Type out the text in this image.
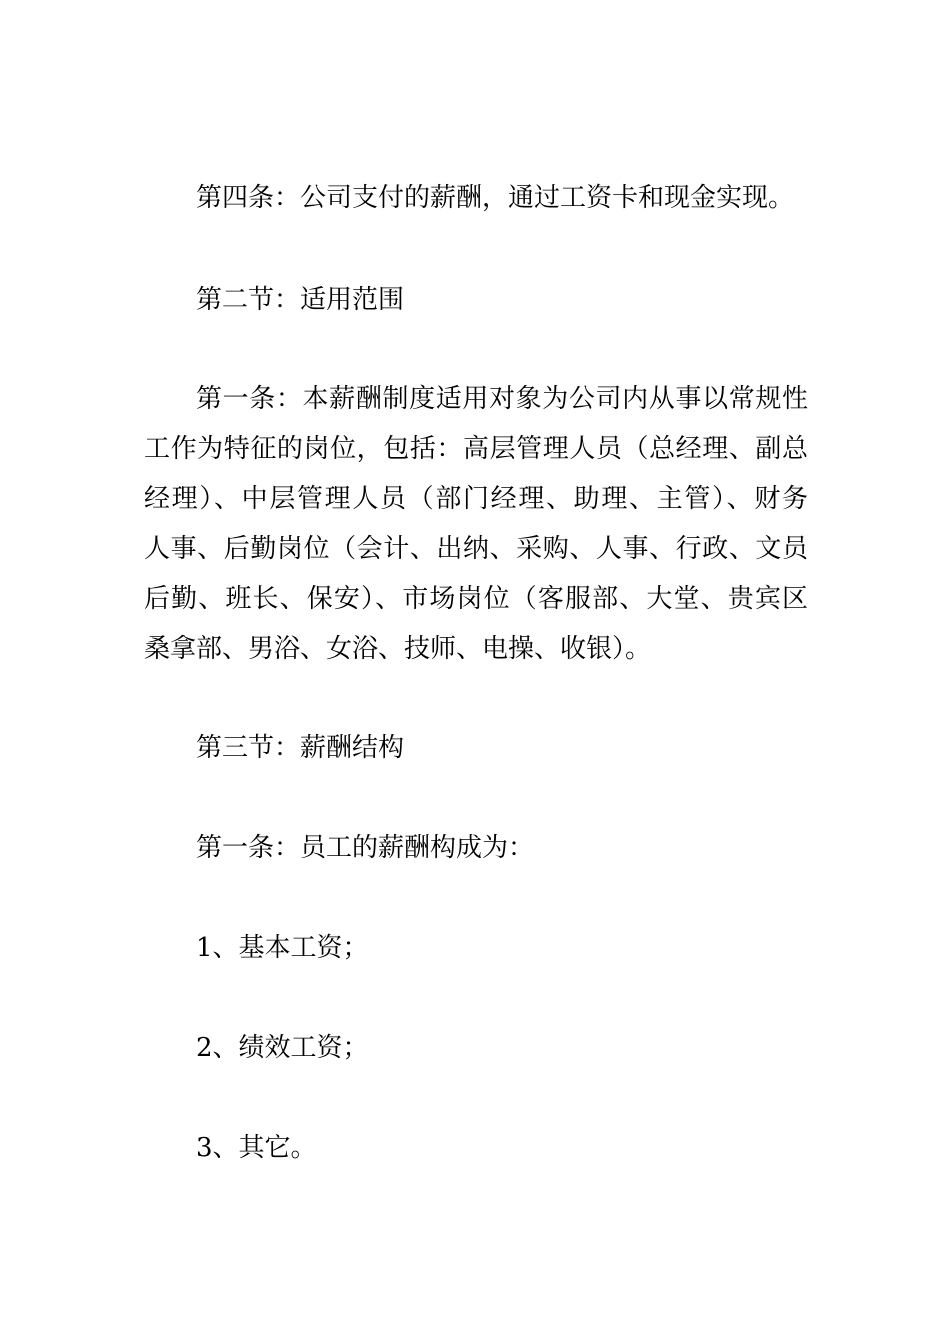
第四条：公司支付的薪酬，通过工资卡和现金实现。
第二节：适用范围
第一条：本薪酬制度适用对象为公司内从事以常规性
工作为特征的岗位，包括：高层管理人员（总经理、副总
经理）、中层管理人员（部门经理、助理、主管）、财务
人事、后勤岗位（会计、出纳、采购、人事、行政、文员
后勤、班长、保安）、市场岗位（客服部、大堂、贵宾区
桑拿部、男浴、女浴、技师、电操、收银）。
第三节：薪酬结构
第一条：员工的薪酬构成为：
1、基本工资；
2、绩效工资；
3、其它。
